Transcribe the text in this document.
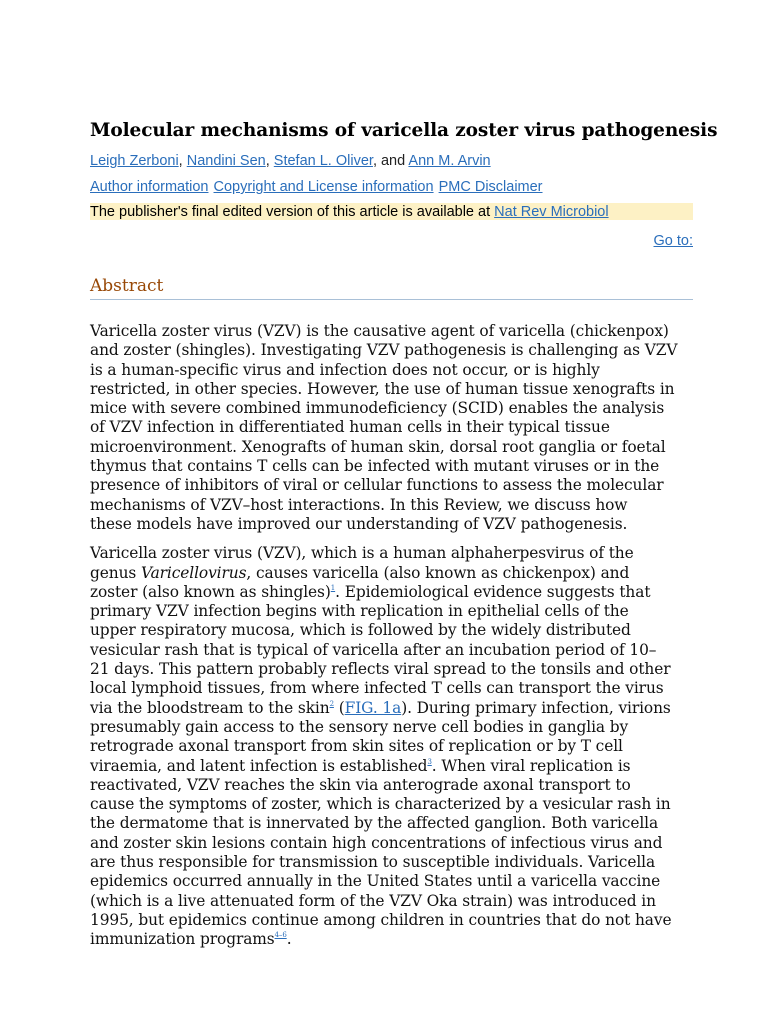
Molecular mechanisms of varicella zoster virus pathogenesis
Leigh Zerboni, Nandini Sen, Stefan L. Oliver, and Ann M. Arvin
Author information Copyright and License information PMC Disclaimer
The publisher's final edited version of this article is available at Nat Rev Microbiol
Go to:
Abstract

Varicella zoster virus (VZV) is the causative agent of varicella (chickenpox)
and zoster (shingles). Investigating VZV pathogenesis is challenging as VZV
is a human-specific virus and infection does not occur, or is highly
restricted, in other species. However, the use of human tissue xenografts in
mice with severe combined immunodeficiency (SCID) enables the analysis
of VZV infection in differentiated human cells in their typical tissue
microenvironment. Xenografts of human skin, dorsal root ganglia or foetal
thymus that contains T cells can be infected with mutant viruses or in the
presence of inhibitors of viral or cellular functions to assess the molecular
mechanisms of VZV–host interactions. In this Review, we discuss how
these models have improved our understanding of VZV pathogenesis.

Varicella zoster virus (VZV), which is a human alphaherpesvirus of the
genus Varicellovirus, causes varicella (also known as chickenpox) and
zoster (also known as shingles)$^1$. Epidemiological evidence suggests that
primary VZV infection begins with replication in epithelial cells of the
upper respiratory mucosa, which is followed by the widely distributed
vesicular rash that is typical of varicella after an incubation period of 10–
21 days. This pattern probably reflects viral spread to the tonsils and other
local lymphoid tissues, from where infected T cells can transport the virus
via the bloodstream to the skin$^2$ (FIG. 1a). During primary infection, virions
presumably gain access to the sensory nerve cell bodies in ganglia by
retrograde axonal transport from skin sites of replication or by T cell
viraemia, and latent infection is established$^3$. When viral replication is
reactivated, VZV reaches the skin via anterograde axonal transport to
cause the symptoms of zoster, which is characterized by a vesicular rash in
the dermatome that is innervated by the affected ganglion. Both varicella
and zoster skin lesions contain high concentrations of infectious virus and
are thus responsible for transmission to susceptible individuals. Varicella
epidemics occurred annually in the United States until a varicella vaccine
(which is a live attenuated form of the VZV Oka strain) was introduced in
1995, but epidemics continue among children in countries that do not have
immunization programs$^{4-6}$.
